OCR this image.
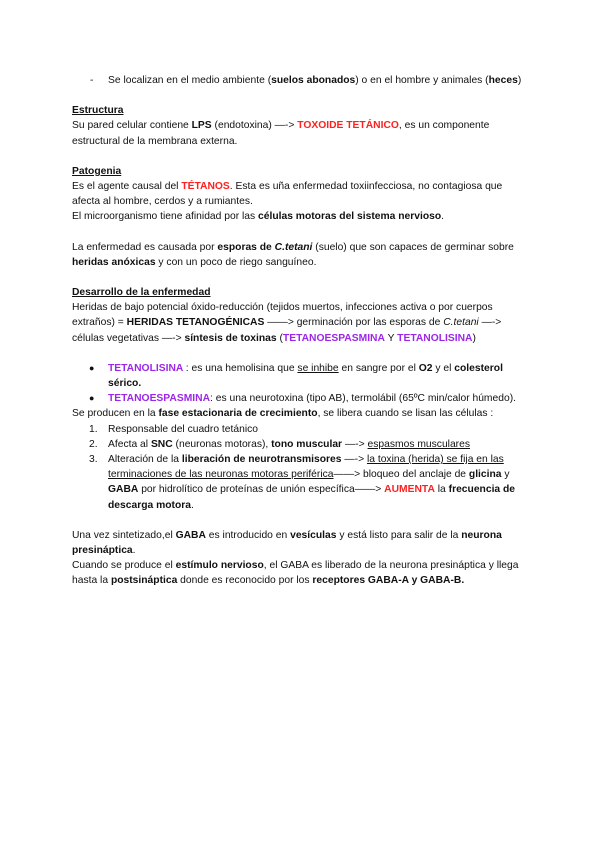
- Se localizan en el medio ambiente (suelos abonados) o en el hombre y animales (heces)

Estructura

Su pared celular contiene LPS (endotoxina) —-> TOXOIDE TETÁNICO, es un componente estructural de la membrana externa.

Patogenia

Es el agente causal del TÉTANOS. Esta es uña enfermedad toxiinfecciosa, no contagiosa que afecta al hombre, cerdos y a rumiantes.

El microorganismo tiene afinidad por las células motoras del sistema nervioso.

La enfermedad es causada por esporas de C.tetani (suelo) que son capaces de germinar sobre heridas anóxicas y con un poco de riego sanguíneo.

Desarrollo de la enfermedad

Heridas de bajo potencial óxido-reducción (tejidos muertos, infecciones activa o por cuerpos extraños) = HERIDAS TETANOGÉNICAS ——> germinación por las esporas de C.tetani —-> células vegetativas —-> síntesis de toxinas (TETANOESPASMINA Y TETANOLISINA)

● TETANOLISINA : es una hemolisina que se inhibe en sangre por el O2 y el colesterol sérico.

● TETANOESPASMINA: es una neurotoxina (tipo AB), termolábil (65ºC min/calor húmedo).

Se producen en la fase estacionaria de crecimiento, se libera cuando se lisan las células :

1. Responsable del cuadro tetánico

2. Afecta al SNC (neuronas motoras), tono muscular —-> espasmos musculares

3. Alteración de la liberación de neurotransmisores —-> la toxina (herida) se fija en las terminaciones de las neuronas motoras periférica——> bloqueo del anclaje de glicina y GABA por hidrolítico de proteínas de unión específica——> AUMENTA la frecuencia de descarga motora.

Una vez sintetizado,el GABA es introducido en vesículas y está listo para salir de la neurona presináptica.

Cuando se produce el estímulo nervioso, el GABA es liberado de la neurona presináptica y llega hasta la postsináptica donde es reconocido por los receptores GABA-A y GABA-B.
